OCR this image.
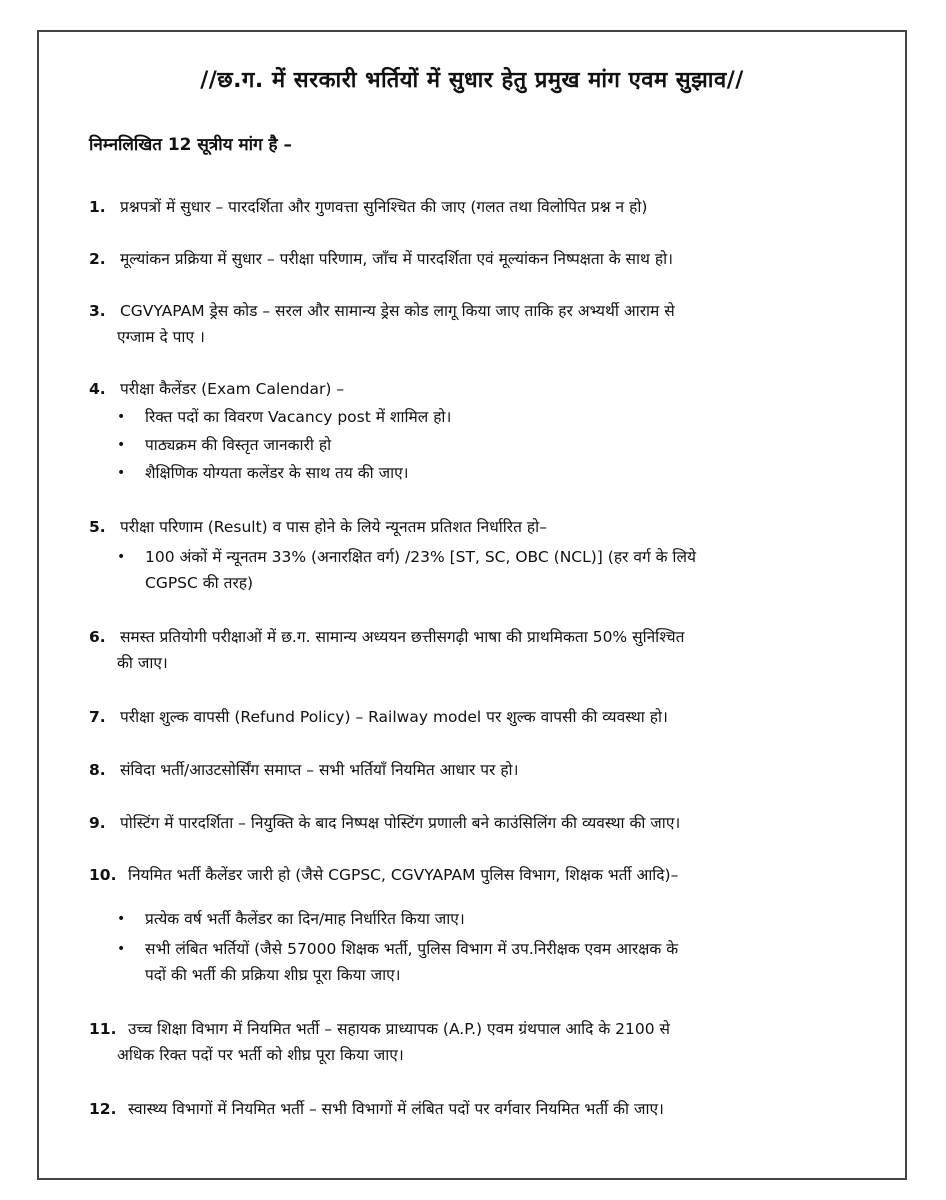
//छ.ग. में सरकारी भर्तियों में सुधार हेतु प्रमुख मांग एवम सुझाव//
निम्नलिखित 12 सूत्रीय मांग है –
1. प्रश्नपत्रों में सुधार – पारदर्शिता और गुणवत्ता सुनिश्चित की जाए (गलत तथा विलोपित प्रश्न न हो)
2. मूल्यांकन प्रक्रिया में सुधार – परीक्षा परिणाम, जाँच में पारदर्शिता एवं मूल्यांकन निष्पक्षता के साथ हो।
3. CGVYAPAM ड्रेस कोड – सरल और सामान्य ड्रेस कोड लागू किया जाए ताकि हर अभ्यर्थी आराम से
एग्जाम दे पाए ।
4. परीक्षा कैलेंडर (Exam Calendar) –
•	रिक्त पदों का विवरण Vacancy post में शामिल हो।
•	पाठ्यक्रम की विस्तृत जानकारी हो
•	शैक्षिणिक योग्यता कलेंडर के साथ तय की जाए।
5. परीक्षा परिणाम (Result) व पास होने के लिये न्यूनतम प्रतिशत निर्धारित हो–
•	100 अंकों में न्यूनतम 33% (अनारक्षित वर्ग) /23% [ST, SC, OBC (NCL)] (हर वर्ग के लिये
CGPSC की तरह)
6. समस्त प्रतियोगी परीक्षाओं में छ.ग. सामान्य अध्ययन छत्तीसगढ़ी भाषा की प्राथमिकता 50% सुनिश्चित
की जाए।
7. परीक्षा शुल्क वापसी (Refund Policy) – Railway model पर शुल्क वापसी की व्यवस्था हो।
8. संविदा भर्ती/आउटसोर्सिंग समाप्त – सभी भर्तियाँ नियमित आधार पर हो।
9. पोस्टिंग में पारदर्शिता – नियुक्ति के बाद निष्पक्ष पोस्टिंग प्रणाली बने काउंसिलिंग की व्यवस्था की जाए।
10. नियमित भर्ती कैलेंडर जारी हो (जैसे CGPSC, CGVYAPAM पुलिस विभाग, शिक्षक भर्ती आदि)–
•	प्रत्येक वर्ष भर्ती कैलेंडर का दिन/माह निर्धारित किया जाए।
•	सभी लंबित भर्तियों (जैसे 57000 शिक्षक भर्ती, पुलिस विभाग में उप.निरीक्षक एवम आरक्षक के
पदों की भर्ती की प्रक्रिया शीघ्र पूरा किया जाए।
11. उच्च शिक्षा विभाग में नियमित भर्ती – सहायक प्राध्यापक (A.P.) एवम ग्रंथपाल आदि के 2100 से
अधिक रिक्त पदों पर भर्ती को शीघ्र पूरा किया जाए।
12. स्वास्थ्य विभागों में नियमित भर्ती – सभी विभागों में लंबित पदों पर वर्गवार नियमित भर्ती की जाए।
